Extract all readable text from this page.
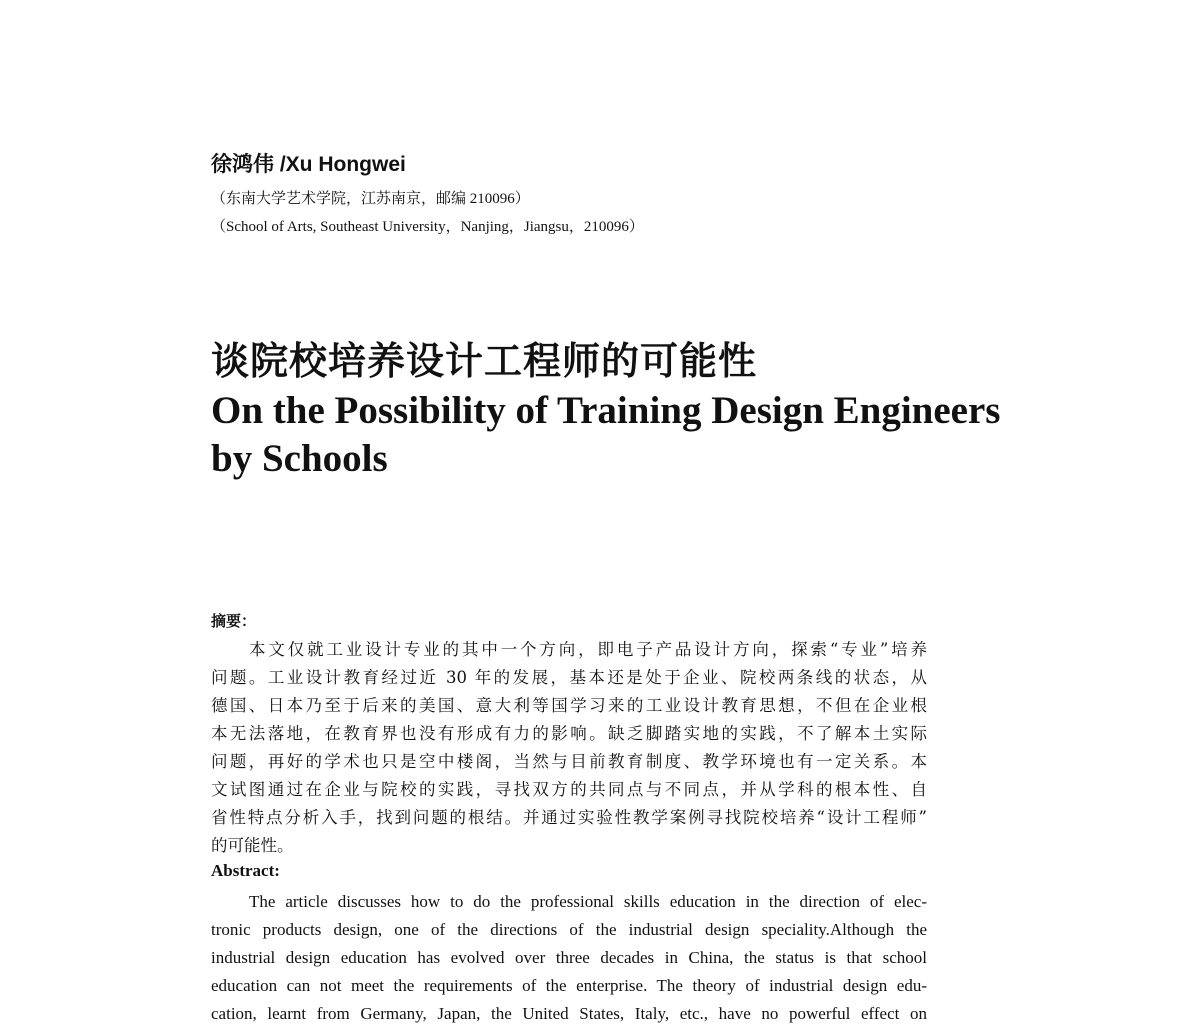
徐鸿伟 /Xu Hongwei
（东南大学艺术学院，江苏南京，邮编 210096）
（School of Arts, Southeast University，Nanjing，Jiangsu，210096）
谈院校培养设计工程师的可能性
On the Possibility of Training Design Engineers
by Schools
摘要：
本文仅就工业设计专业的其中一个方向，即电子产品设计方向，探索“专业”培养
问题。工业设计教育经过近 30 年的发展，基本还是处于企业、院校两条线的状态，从
德国、日本乃至于后来的美国、意大利等国学习来的工业设计教育思想，不但在企业根
本无法落地，在教育界也没有形成有力的影响。缺乏脚踏实地的实践，不了解本土实际
问题，再好的学术也只是空中楼阁，当然与目前教育制度、教学环境也有一定关系。本
文试图通过在企业与院校的实践，寻找双方的共同点与不同点，并从学科的根本性、自
省性特点分析入手，找到问题的根结。并通过实验性教学案例寻找院校培养“设计工程师”
的可能性。
Abstract:
The article discusses how to do the professional skills education in the direction of elec-
tronic products design, one of the directions of the industrial design speciality.Although the
industrial design education has evolved over three decades in China, the status is that school
education can not meet the requirements of the enterprise. The theory of industrial design edu-
cation, learnt from Germany, Japan, the United States, Italy, etc., have no powerful effect on
